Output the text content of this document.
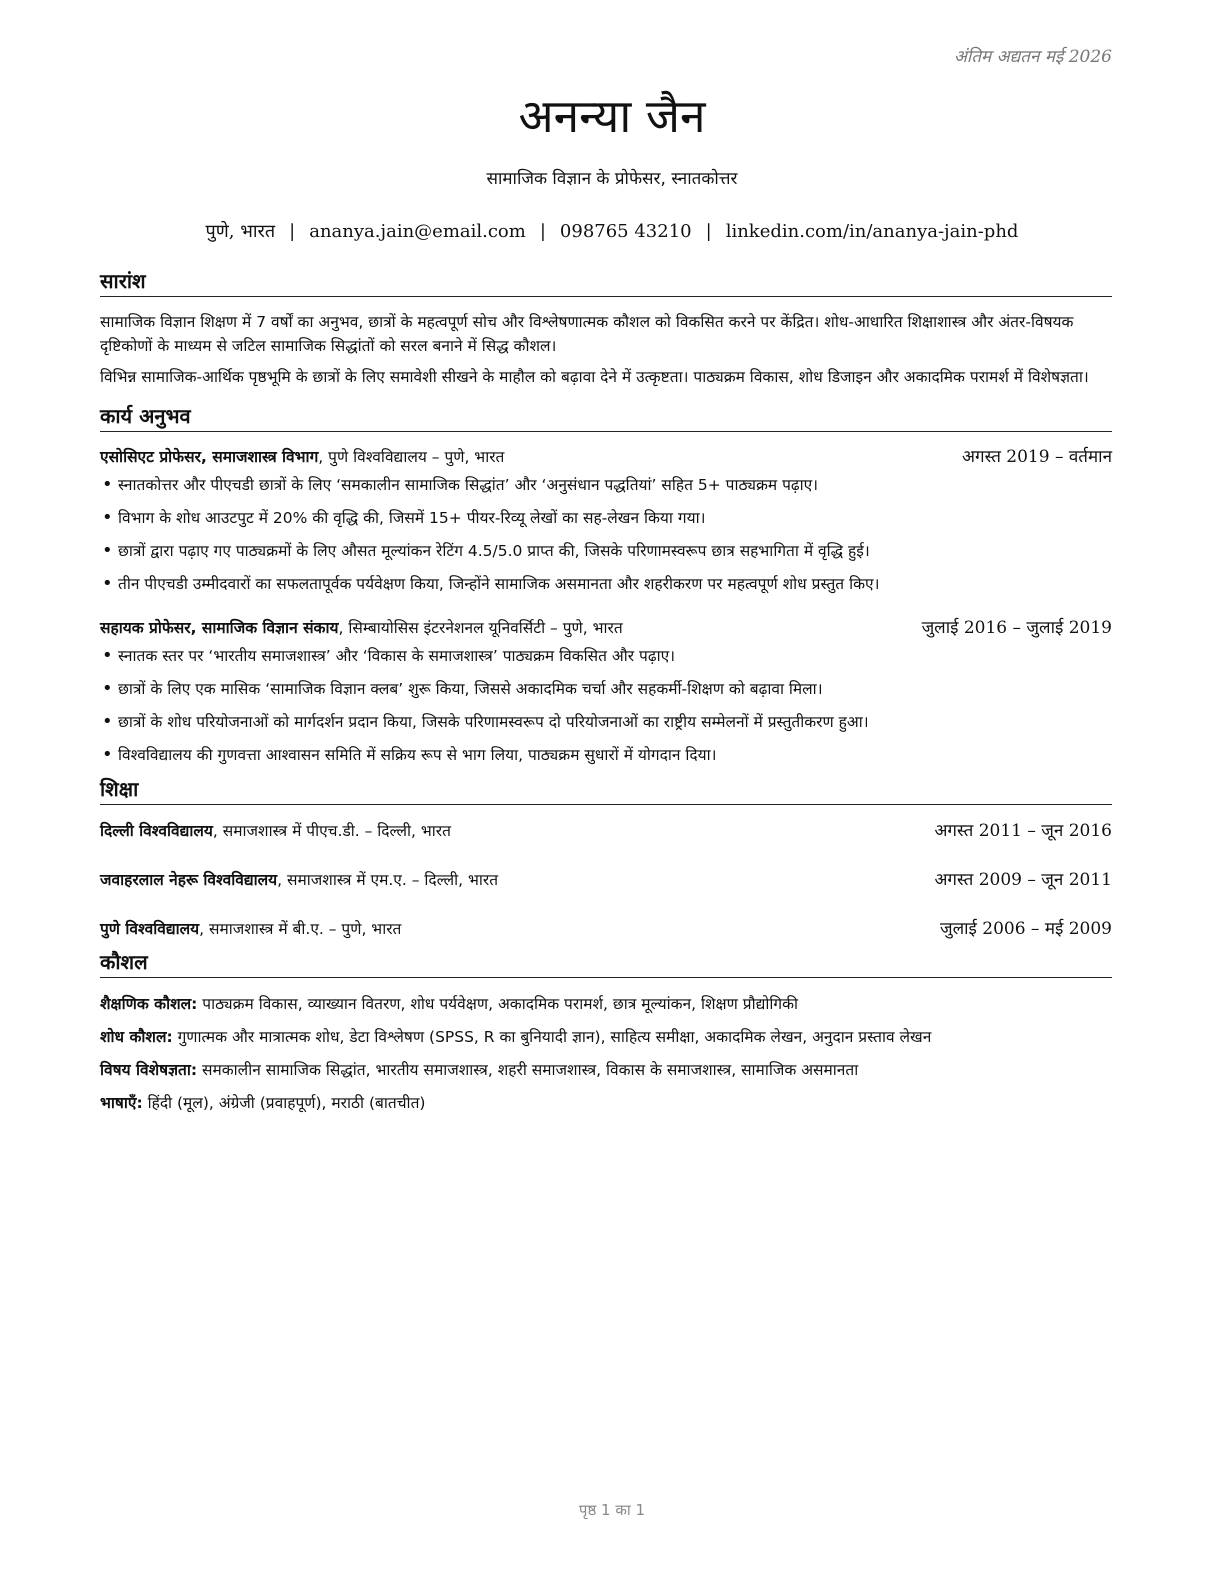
अंतिम अद्यतन मई 2026
अनन्या जैन
सामाजिक विज्ञान के प्रोफेसर, स्नातकोत्तर
पुणे, भारत | ananya.jain@email.com | 098765 43210 | linkedin.com/in/ananya-jain-phd
सारांश

सामाजिक विज्ञान शिक्षण में 7 वर्षों का अनुभव, छात्रों के महत्वपूर्ण सोच और विश्लेषणात्मक कौशल को विकसित करने पर केंद्रित। शोध-आधारित शिक्षाशास्त्र और अंतर-विषयक दृष्टिकोणों के माध्यम से जटिल सामाजिक सिद्धांतों को सरल बनाने में सिद्ध कौशल।

विभिन्न सामाजिक-आर्थिक पृष्ठभूमि के छात्रों के लिए समावेशी सीखने के माहौल को बढ़ावा देने में उत्कृष्टता। पाठ्यक्रम विकास, शोध डिजाइन और अकादमिक परामर्श में विशेषज्ञता।

कार्य अनुभव
एसोसिएट प्रोफेसर, समाजशास्त्र विभाग, पुणे विश्वविद्यालय – पुणे, भारत	अगस्त 2019 – वर्तमान
• स्नातकोत्तर और पीएचडी छात्रों के लिए ‘समकालीन सामाजिक सिद्धांत’ और ‘अनुसंधान पद्धतियां’ सहित 5+ पाठ्यक्रम पढ़ाए।
• विभाग के शोध आउटपुट में 20% की वृद्धि की, जिसमें 15+ पीयर-रिव्यू लेखों का सह-लेखन किया गया।
• छात्रों द्वारा पढ़ाए गए पाठ्यक्रमों के लिए औसत मूल्यांकन रेटिंग 4.5/5.0 प्राप्त की, जिसके परिणामस्वरूप छात्र सहभागिता में वृद्धि हुई।
• तीन पीएचडी उम्मीदवारों का सफलतापूर्वक पर्यवेक्षण किया, जिन्होंने सामाजिक असमानता और शहरीकरण पर महत्वपूर्ण शोध प्रस्तुत किए।
सहायक प्रोफेसर, सामाजिक विज्ञान संकाय, सिम्बायोसिस इंटरनेशनल यूनिवर्सिटी – पुणे, भारत	जुलाई 2016 – जुलाई 2019
• स्नातक स्तर पर ‘भारतीय समाजशास्त्र’ और ‘विकास के समाजशास्त्र’ पाठ्यक्रम विकसित और पढ़ाए।
• छात्रों के लिए एक मासिक ‘सामाजिक विज्ञान क्लब’ शुरू किया, जिससे अकादमिक चर्चा और सहकर्मी-शिक्षण को बढ़ावा मिला।
• छात्रों के शोध परियोजनाओं को मार्गदर्शन प्रदान किया, जिसके परिणामस्वरूप दो परियोजनाओं का राष्ट्रीय सम्मेलनों में प्रस्तुतीकरण हुआ।
• विश्वविद्यालय की गुणवत्ता आश्वासन समिति में सक्रिय रूप से भाग लिया, पाठ्यक्रम सुधारों में योगदान दिया।
शिक्षा
दिल्ली विश्वविद्यालय, समाजशास्त्र में पीएच.डी. – दिल्ली, भारत	अगस्त 2011 – जून 2016
जवाहरलाल नेहरू विश्वविद्यालय, समाजशास्त्र में एम.ए. – दिल्ली, भारत	अगस्त 2009 – जून 2011
पुणे विश्वविद्यालय, समाजशास्त्र में बी.ए. – पुणे, भारत	जुलाई 2006 – मई 2009
कौशल
शैक्षणिक कौशल: पाठ्यक्रम विकास, व्याख्यान वितरण, शोध पर्यवेक्षण, अकादमिक परामर्श, छात्र मूल्यांकन, शिक्षण प्रौद्योगिकी
शोध कौशल: गुणात्मक और मात्रात्मक शोध, डेटा विश्लेषण (SPSS, R का बुनियादी ज्ञान), साहित्य समीक्षा, अकादमिक लेखन, अनुदान प्रस्ताव लेखन
विषय विशेषज्ञता: समकालीन सामाजिक सिद्धांत, भारतीय समाजशास्त्र, शहरी समाजशास्त्र, विकास के समाजशास्त्र, सामाजिक असमानता
भाषाएँ: हिंदी (मूल), अंग्रेजी (प्रवाहपूर्ण), मराठी (बातचीत)
पृष्ठ 1 का 1
